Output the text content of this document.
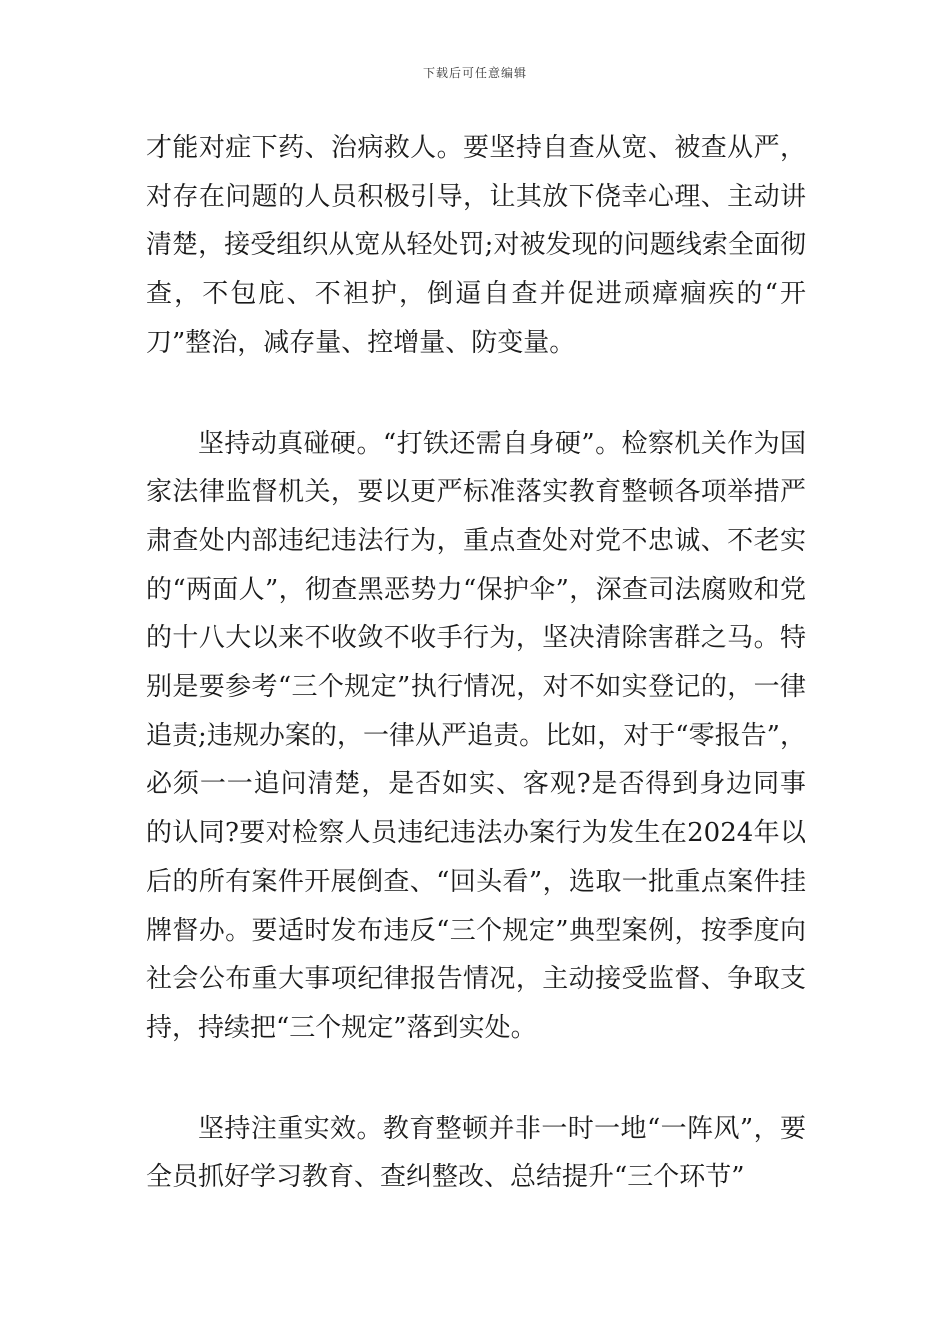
下载后可任意编辑

才能对症下药、治病救人。要坚持自查从宽、被查从严，对存在问题的人员积极引导，让其放下侥幸心理、主动讲清楚，接受组织从宽从轻处罚;对被发现的问题线索全面彻查，不包庇、不袒护，倒逼自查并促进顽瘴痼疾的“开刀”整治，减存量、控增量、防变量。

坚持动真碰硬。“打铁还需自身硬”。检察机关作为国家法律监督机关，要以更严标准落实教育整顿各项举措严肃查处内部违纪违法行为，重点查处对党不忠诚、不老实的“两面人”，彻查黑恶势力“保护伞”，深查司法腐败和党的十八大以来不收敛不收手行为，坚决清除害群之马。特别是要参考“三个规定”执行情况，对不如实登记的，一律追责;违规办案的，一律从严追责。比如，对于“零报告”，必须一一追问清楚，是否如实、客观?是否得到身边同事的认同?要对检察人员违纪违法办案行为发生在2024年以后的所有案件开展倒查、“回头看”，选取一批重点案件挂牌督办。要适时发布违反“三个规定”典型案例，按季度向社会公布重大事项纪律报告情况，主动接受监督、争取支持，持续把“三个规定”落到实处。

坚持注重实效。教育整顿并非一时一地“一阵风”，要全员抓好学习教育、查纠整改、总结提升“三个环节”
